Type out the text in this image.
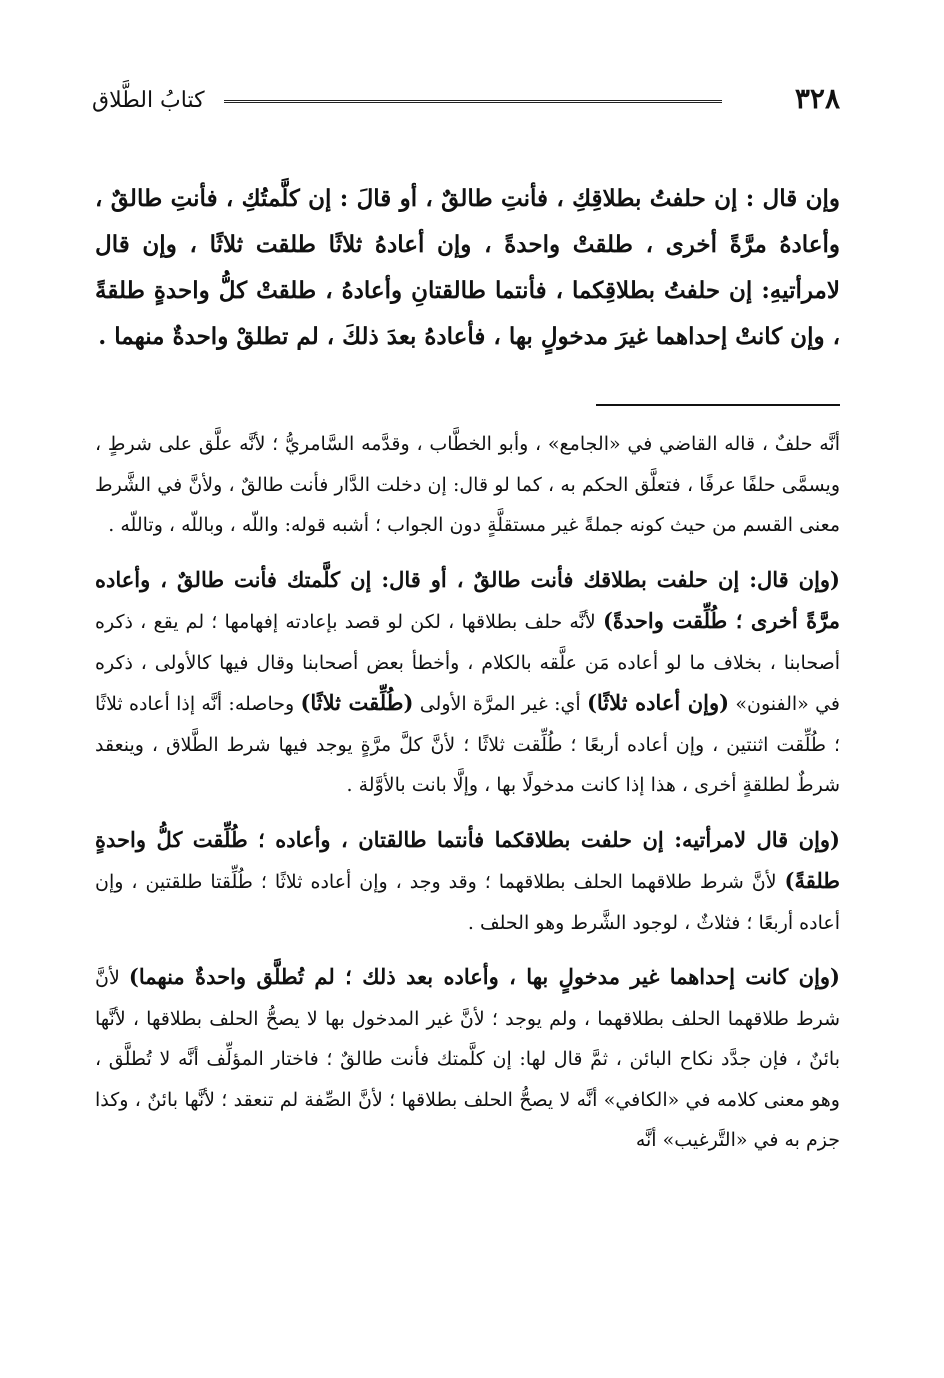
٣٢٨
كتابُ الطَّلاق
وإن قال : إن حلفتُ بطلاقِكِ ، فأنتِ طالقٌ ، أو قالَ : إن كلَّمتُكِ ، فأنتِ طالقٌ ، وأعادهُ مرَّةً أخرى ، طلقتْ واحدةً ، وإن أعادهُ ثلاثًا طلقت ثلاثًا ، وإن قال لامرأتيهِ: إن حلفتُ بطلاقِكما ، فأنتما طالقتانِ وأعادهُ ، طلقتْ كلُّ واحدةٍ طلقةً ، وإن كانتْ إحداهما غيرَ مدخولٍ بها ، فأعادهُ بعدَ ذلكَ ، لم تطلقْ واحدةٌ منهما .

أنَّه حلفٌ ، قاله القاضي في «الجامع» ، وأبو الخطَّاب ، وقدَّمه السَّامريُّ ؛ لأنَّه علَّق على شرطٍ ، ويسمَّى حلفًا عرفًا ، فتعلَّق الحكم به ، كما لو قال: إن دخلت الدَّار فأنت طالقٌ ، ولأنَّ في الشَّرط معنى القسم من حيث كونه جملةً غير مستقلَّةٍ دون الجواب ؛ أشبه قوله: واللّه ، وباللّه ، وتاللّه .

(وإن قال: إن حلفت بطلاقك فأنت طالقٌ ، أو قال: إن كلَّمتك فأنت طالقٌ ، وأعاده مرَّةً أخرى ؛ طُلِّقت واحدةً) لأنَّه حلف بطلاقها ، لكن لو قصد بإعادته إفهامها ؛ لم يقع ، ذكره أصحابنا ، بخلاف ما لو أعاده مَن علَّقه بالكلام ، وأخطأ بعض أصحابنا وقال فيها كالأولى ، ذكره في «الفنون» (وإن أعاده ثلاثًا) أي: غير المرَّة الأولى (طُلِّقت ثلاثًا) وحاصله: أنَّه إذا أعاده ثلاثًا ؛ طُلِّقت اثنتين ، وإن أعاده أربعًا ؛ طُلِّقت ثلاثًا ؛ لأنَّ كلَّ مرَّةٍ يوجد فيها شرط الطَّلاق ، وينعقد شرطٌ لطلقةٍ أخرى ، هذا إذا كانت مدخولًا بها ، وإلَّا بانت بالأوَّلة .

(وإن قال لامرأتيه: إن حلفت بطلاقكما فأنتما طالقتان ، وأعاده ؛ طُلِّقت كلُّ واحدةٍ طلقةً) لأنَّ شرط طلاقهما الحلف بطلاقهما ؛ وقد وجد ، وإن أعاده ثلاثًا ؛ طُلِّقتا طلقتين ، وإن أعاده أربعًا ؛ فثلاثٌ ، لوجود الشَّرط وهو الحلف .

(وإن كانت إحداهما غير مدخولٍ بها ، وأعاده بعد ذلك ؛ لم تُطلَّق واحدةٌ منهما) لأنَّ شرط طلاقهما الحلف بطلاقهما ، ولم يوجد ؛ لأنَّ غير المدخول بها لا يصحُّ الحلف بطلاقها ، لأنَّها بائنٌ ، فإن جدَّد نكاح البائن ، ثمَّ قال لها: إن كلَّمتك فأنت طالقٌ ؛ فاختار المؤلِّف أنَّه لا تُطلَّق ، وهو معنى كلامه في «الكافي» أنَّه لا يصحُّ الحلف بطلاقها ؛ لأنَّ الصِّفة لم تنعقد ؛ لأنَّها بائنٌ ، وكذا جزم به في «التَّرغيب» أنَّه
